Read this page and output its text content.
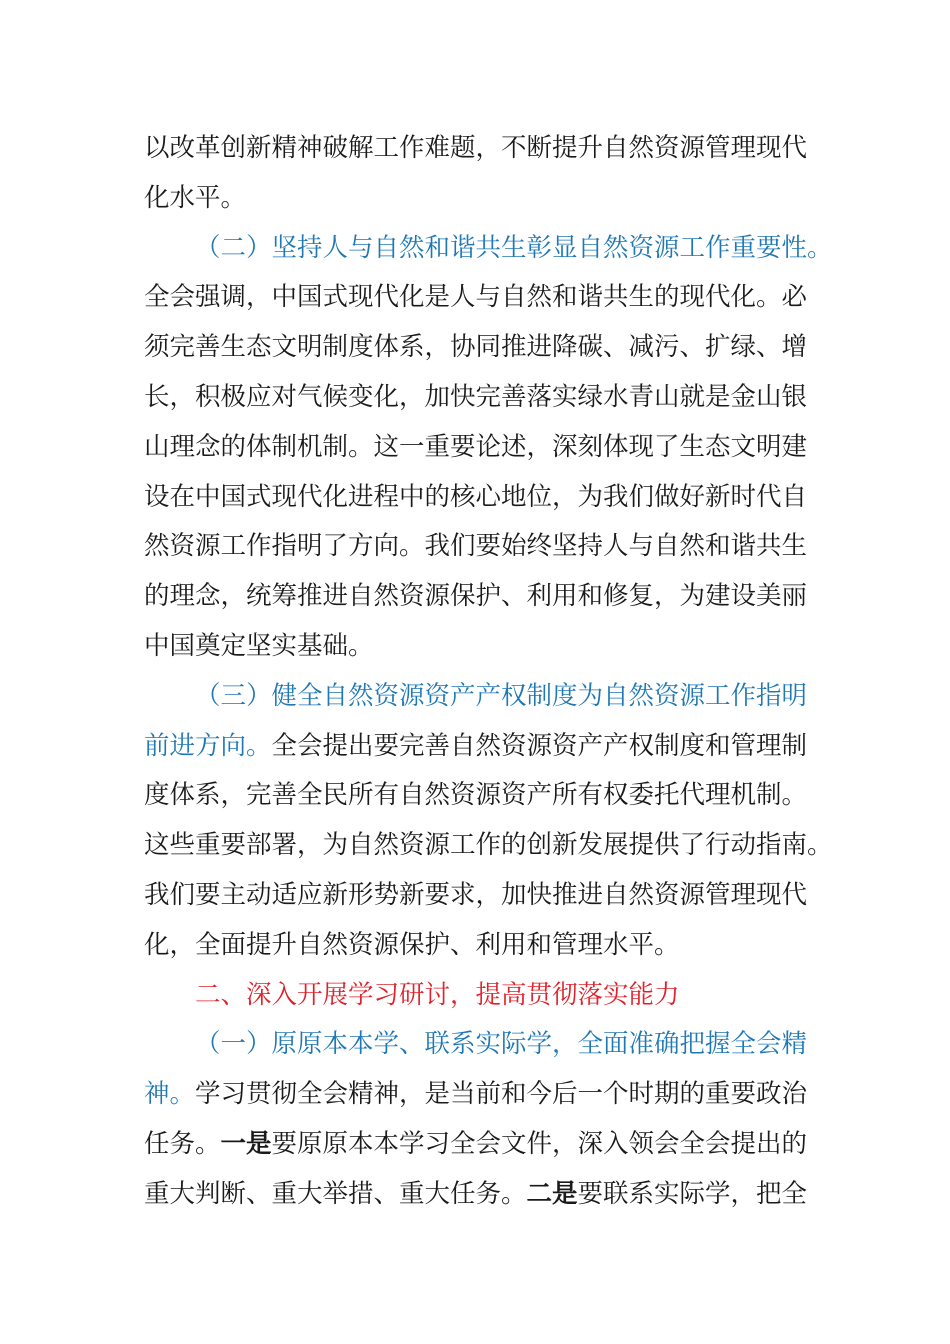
以改革创新精神破解工作难题，不断提升自然资源管理现代
化水平。
（二）坚持人与自然和谐共生彰显自然资源工作重要性。
全会强调，中国式现代化是人与自然和谐共生的现代化。必
须完善生态文明制度体系，协同推进降碳、减污、扩绿、增
长，积极应对气候变化，加快完善落实绿水青山就是金山银
山理念的体制机制。这一重要论述，深刻体现了生态文明建
设在中国式现代化进程中的核心地位，为我们做好新时代自
然资源工作指明了方向。我们要始终坚持人与自然和谐共生
的理念，统筹推进自然资源保护、利用和修复，为建设美丽
中国奠定坚实基础。
（三）健全自然资源资产产权制度为自然资源工作指明
前进方向。全会提出要完善自然资源资产产权制度和管理制
度体系，完善全民所有自然资源资产所有权委托代理机制。
这些重要部署，为自然资源工作的创新发展提供了行动指南。
我们要主动适应新形势新要求，加快推进自然资源管理现代
化，全面提升自然资源保护、利用和管理水平。
二、深入开展学习研讨，提高贯彻落实能力
（一）原原本本学、联系实际学，全面准确把握全会精
神。学习贯彻全会精神，是当前和今后一个时期的重要政治
任务。一是要原原本本学习全会文件，深入领会全会提出的
重大判断、重大举措、重大任务。二是要联系实际学，把全
